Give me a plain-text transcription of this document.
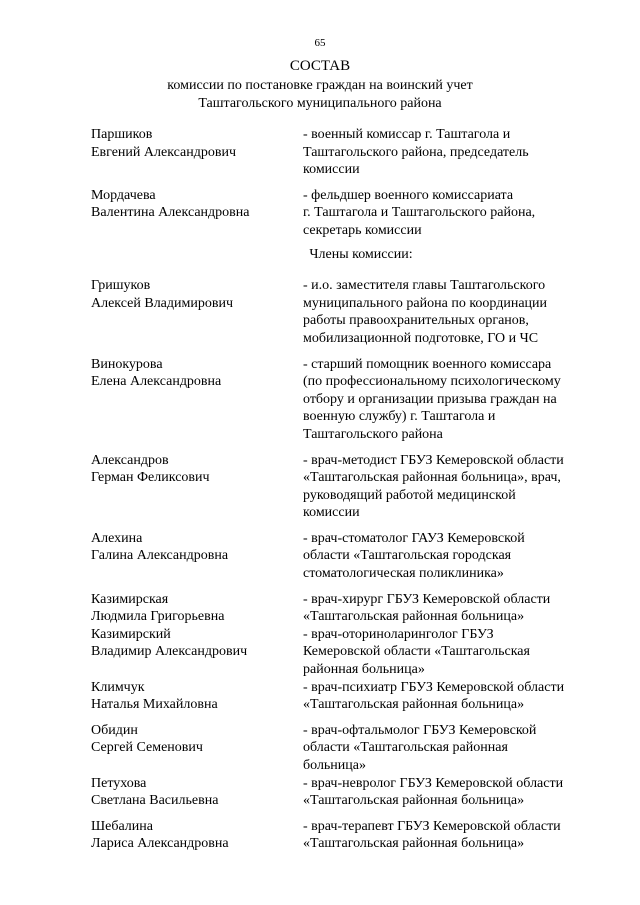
65
СОСТАВ
комиссии по постановке граждан на воинский учет
Таштагольского муниципального района
Паршиков
Евгений Александрович
- военный комиссар г. Таштагола и
Таштагольского района, председатель
комиссии
Мордачева
Валентина Александровна
- фельдшер военного комиссариата
г. Таштагола и Таштагольского района,
секретарь комиссии
Члены комиссии:
Гришуков
Алексей Владимирович
- и.о. заместителя главы Таштагольского
муниципального района по координации
работы правоохранительных органов,
мобилизационной подготовке, ГО и ЧС
Винокурова
Елена Александровна
- старший помощник военного комиссара
(по профессиональному психологическому
отбору и организации призыва граждан на
военную службу) г. Таштагола и
Таштагольского района
Александров
Герман Феликсович
- врач-методист ГБУЗ Кемеровской области
«Таштагольская районная больница», врач,
руководящий работой медицинской
комиссии
Алехина
Галина Александровна
- врач-стоматолог ГАУЗ Кемеровской
области «Таштагольская городская
стоматологическая поликлиника»
Казимирская
Людмила Григорьевна
- врач-хирург ГБУЗ Кемеровской области
«Таштагольская районная больница»
Казимирский
Владимир Александрович
- врач-оториноларинголог ГБУЗ
Кемеровской области «Таштагольская
районная больница»
Климчук
Наталья Михайловна
- врач-психиатр ГБУЗ Кемеровской области
«Таштагольская районная больница»
Обидин
Сергей Семенович
- врач-офтальмолог ГБУЗ Кемеровской
области «Таштагольская районная
больница»
Петухова
Светлана Васильевна
- врач-невролог ГБУЗ Кемеровской области
«Таштагольская районная больница»
Шебалина
Лариса Александровна
- врач-терапевт ГБУЗ Кемеровской области
«Таштагольская районная больница»
